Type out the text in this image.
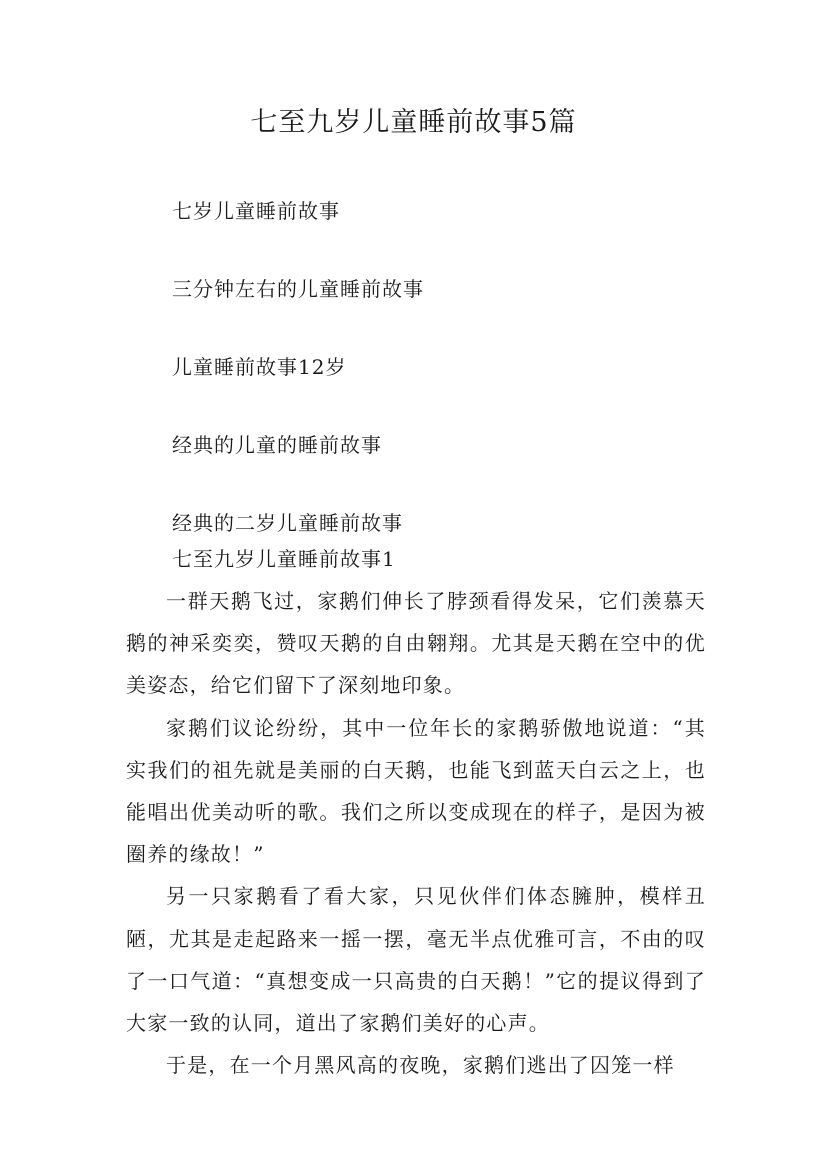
七至九岁儿童睡前故事5篇
七岁儿童睡前故事
三分钟左右的儿童睡前故事
儿童睡前故事12岁
经典的儿童的睡前故事
经典的二岁儿童睡前故事
七至九岁儿童睡前故事1

一群天鹅飞过，家鹅们伸长了脖颈看得发呆，它们羡慕天鹅的神采奕奕，赞叹天鹅的自由翱翔。尤其是天鹅在空中的优美姿态，给它们留下了深刻地印象。

家鹅们议论纷纷，其中一位年长的家鹅骄傲地说道：“其实我们的祖先就是美丽的白天鹅，也能飞到蓝天白云之上，也能唱出优美动听的歌。我们之所以变成现在的样子，是因为被圈养的缘故！”

另一只家鹅看了看大家，只见伙伴们体态臃肿，模样丑陋，尤其是走起路来一摇一摆，毫无半点优雅可言，不由的叹了一口气道：“真想变成一只高贵的白天鹅！”它的提议得到了大家一致的认同，道出了家鹅们美好的心声。

于是，在一个月黑风高的夜晚，家鹅们逃出了囚笼一样
